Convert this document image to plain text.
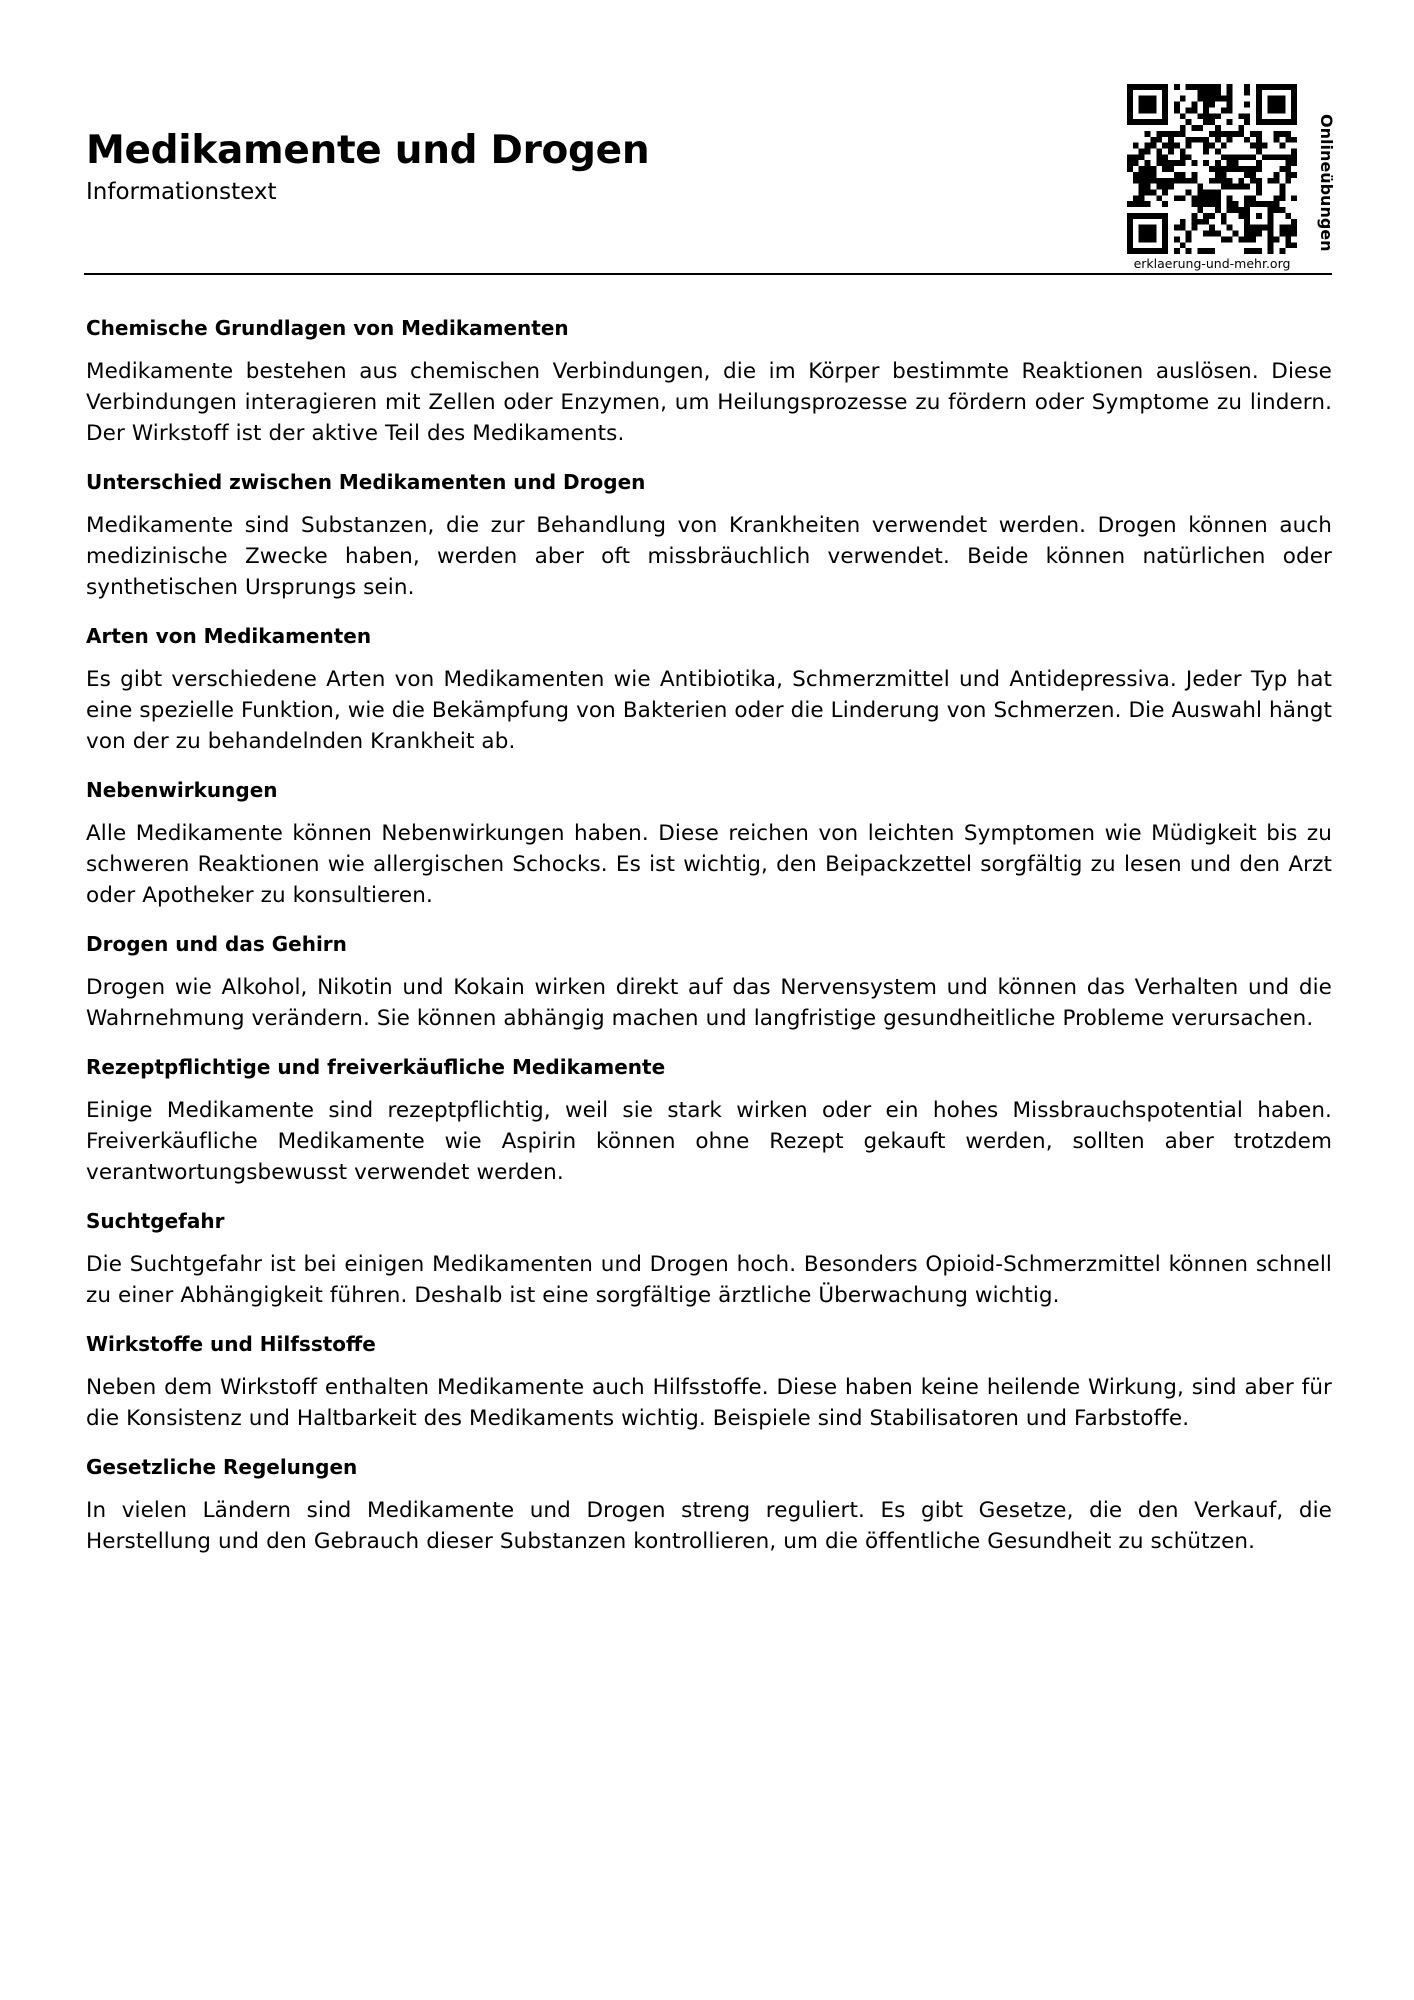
Medikamente und Drogen

Informationstext	Onlineübungen
erklaerung-und-mehr.org
Chemische Grundlagen von Medikamenten

Medikamente bestehen aus chemischen Verbindungen, die im Körper bestimmte Reaktionen auslösen. Diese Verbindungen interagieren mit Zellen oder Enzymen, um Heilungsprozesse zu fördern oder Symptome zu lindern. Der Wirkstoff ist der aktive Teil des Medikaments.

Unterschied zwischen Medikamenten und Drogen

Medikamente sind Substanzen, die zur Behandlung von Krankheiten verwendet werden. Drogen können auch medizinische Zwecke haben, werden aber oft missbräuchlich verwendet. Beide können natürlichen oder synthetischen Ursprungs sein.

Arten von Medikamenten

Es gibt verschiedene Arten von Medikamenten wie Antibiotika, Schmerzmittel und Antidepressiva. Jeder Typ hat eine spezielle Funktion, wie die Bekämpfung von Bakterien oder die Linderung von Schmerzen. Die Auswahl hängt von der zu behandelnden Krankheit ab.

Nebenwirkungen

Alle Medikamente können Nebenwirkungen haben. Diese reichen von leichten Symptomen wie Müdigkeit bis zu schweren Reaktionen wie allergischen Schocks. Es ist wichtig, den Beipackzettel sorgfältig zu lesen und den Arzt oder Apotheker zu konsultieren.

Drogen und das Gehirn

Drogen wie Alkohol, Nikotin und Kokain wirken direkt auf das Nervensystem und können das Verhalten und die Wahrnehmung verändern. Sie können abhängig machen und langfristige gesundheitliche Probleme verursachen.

Rezeptpflichtige und freiverkäufliche Medikamente

Einige Medikamente sind rezeptpflichtig, weil sie stark wirken oder ein hohes Missbrauchspotential haben. Freiverkäufliche Medikamente wie Aspirin können ohne Rezept gekauft werden, sollten aber trotzdem verantwortungsbewusst verwendet werden.

Suchtgefahr

Die Suchtgefahr ist bei einigen Medikamenten und Drogen hoch. Besonders Opioid-Schmerzmittel können schnell zu einer Abhängigkeit führen. Deshalb ist eine sorgfältige ärztliche Überwachung wichtig.

Wirkstoffe und Hilfsstoffe

Neben dem Wirkstoff enthalten Medikamente auch Hilfsstoffe. Diese haben keine heilende Wirkung, sind aber für die Konsistenz und Haltbarkeit des Medikaments wichtig. Beispiele sind Stabilisatoren und Farbstoffe.

Gesetzliche Regelungen

In vielen Ländern sind Medikamente und Drogen streng reguliert. Es gibt Gesetze, die den Verkauf, die Herstellung und den Gebrauch dieser Substanzen kontrollieren, um die öffentliche Gesundheit zu schützen.
